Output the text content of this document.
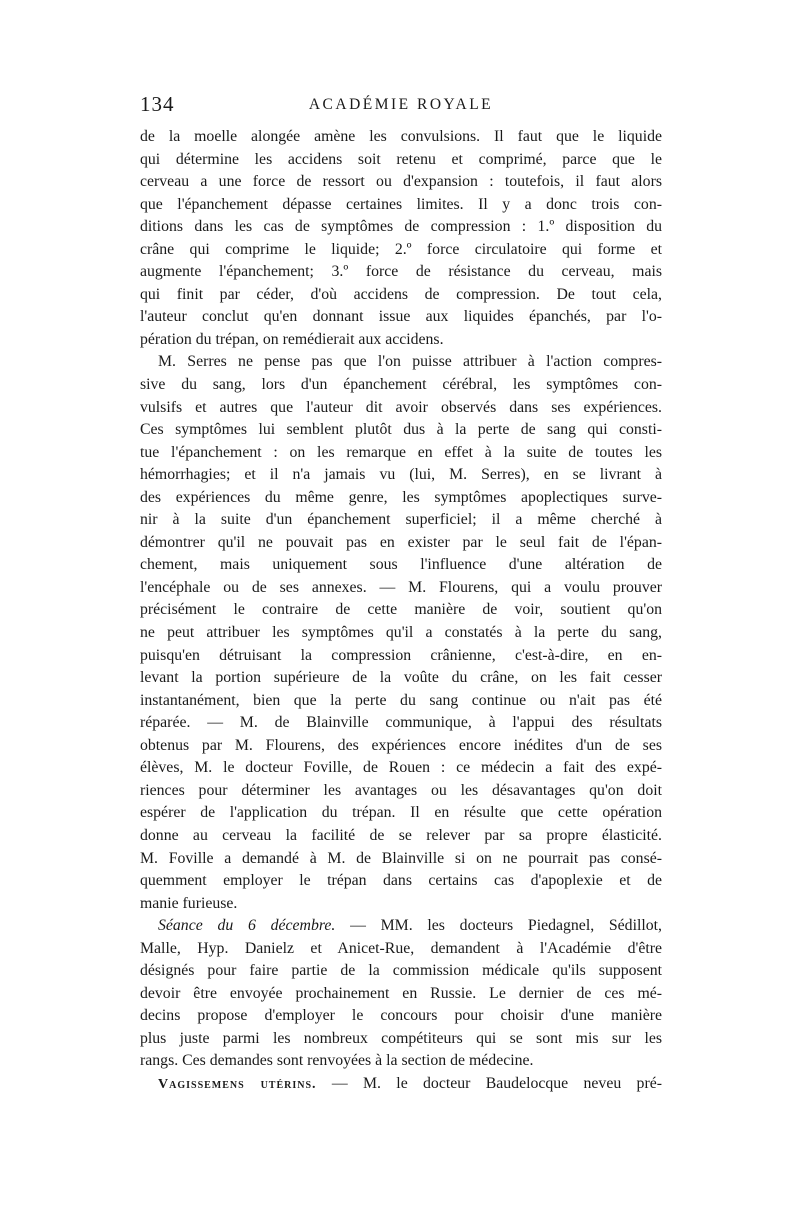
134	ACADÉMIE ROYALE
de la moelle alongée amène les convulsions. Il faut que le liquide
qui détermine les accidens soit retenu et comprimé, parce que le
cerveau a une force de ressort ou d'expansion : toutefois, il faut alors
que l'épanchement dépasse certaines limites. Il y a donc trois con-
ditions dans les cas de symptômes de compression : 1.º disposition du
crâne qui comprime le liquide; 2.º force circulatoire qui forme et
augmente l'épanchement; 3.º force de résistance du cerveau, mais
qui finit par céder, d'où accidens de compression. De tout cela,
l'auteur conclut qu'en donnant issue aux liquides épanchés, par l'o-
pération du trépan, on remédierait aux accidens.
M. Serres ne pense pas que l'on puisse attribuer à l'action compres-
sive du sang, lors d'un épanchement cérébral, les symptômes con-
vulsifs et autres que l'auteur dit avoir observés dans ses expériences.
Ces symptômes lui semblent plutôt dus à la perte de sang qui consti-
tue l'épanchement : on les remarque en effet à la suite de toutes les
hémorrhagies; et il n'a jamais vu (lui, M. Serres), en se livrant à
des expériences du même genre, les symptômes apoplectiques surve-
nir à la suite d'un épanchement superficiel; il a même cherché à
démontrer qu'il ne pouvait pas en exister par le seul fait de l'épan-
chement, mais uniquement sous l'influence d'une altération de
l'encéphale ou de ses annexes. — M. Flourens, qui a voulu prouver
précisément le contraire de cette manière de voir, soutient qu'on
ne peut attribuer les symptômes qu'il a constatés à la perte du sang,
puisqu'en détruisant la compression crânienne, c'est-à-dire, en en-
levant la portion supérieure de la voûte du crâne, on les fait cesser
instantanément, bien que la perte du sang continue ou n'ait pas été
réparée. — M. de Blainville communique, à l'appui des résultats
obtenus par M. Flourens, des expériences encore inédites d'un de ses
élèves, M. le docteur Foville, de Rouen : ce médecin a fait des expé-
riences pour déterminer les avantages ou les désavantages qu'on doit
espérer de l'application du trépan. Il en résulte que cette opération
donne au cerveau la facilité de se relever par sa propre élasticité.
M. Foville a demandé à M. de Blainville si on ne pourrait pas consé-
quemment employer le trépan dans certains cas d'apoplexie et de
manie furieuse.
Séance du 6 décembre. — MM. les docteurs Piedagnel, Sédillot,
Malle, Hyp. Danielz et Anicet-Rue, demandent à l'Académie d'être
désignés pour faire partie de la commission médicale qu'ils supposent
devoir être envoyée prochainement en Russie. Le dernier de ces mé-
decins propose d'employer le concours pour choisir d'une manière
plus juste parmi les nombreux compétiteurs qui se sont mis sur les
rangs. Ces demandes sont renvoyées à la section de médecine.
Vagissemens utérins. — M. le docteur Baudelocque neveu pré-
